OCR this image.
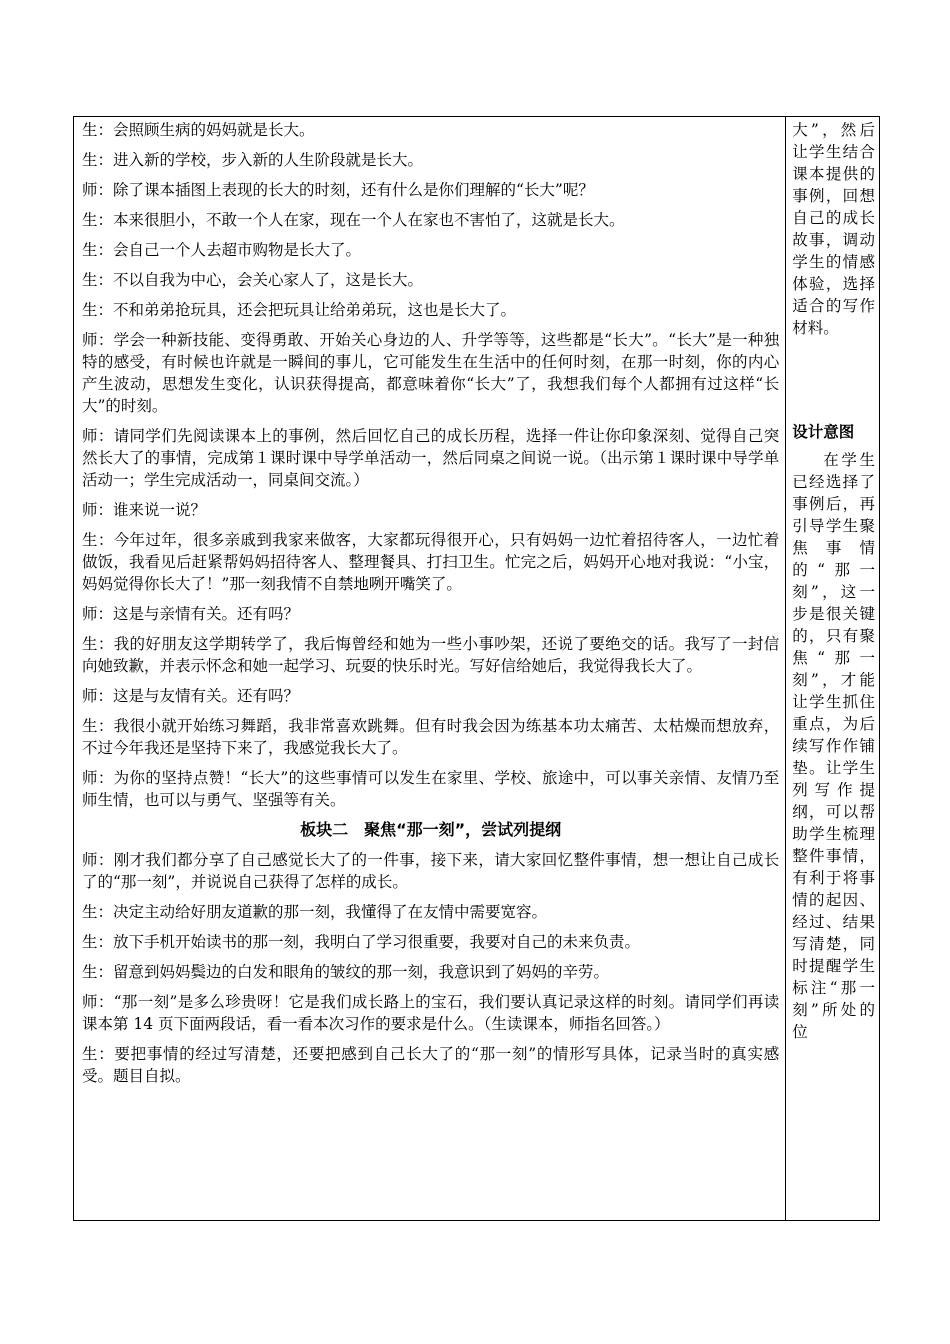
生：会照顾生病的妈妈就是长大。

生：进入新的学校，步入新的人生阶段就是长大。

师：除了课本插图上表现的长大的时刻，还有什么是你们理解的“长大”呢？

生：本来很胆小，不敢一个人在家，现在一个人在家也不害怕了，这就是长大。

生：会自己一个人去超市购物是长大了。

生：不以自我为中心，会关心家人了，这是长大。

生：不和弟弟抢玩具，还会把玩具让给弟弟玩，这也是长大了。

师：学会一种新技能、变得勇敢、开始关心身边的人、升学等等，这些都是“长大”。“长大”是一种独特的感受，有时候也许就是一瞬间的事儿，它可能发生在生活中的任何时刻，在那一时刻，你的内心产生波动，思想发生变化，认识获得提高，都意味着你“长大”了，我想我们每个人都拥有过这样“长大”的时刻。

师：请同学们先阅读课本上的事例，然后回忆自己的成长历程，选择一件让你印象深刻、觉得自己突然长大了的事情，完成第１课时课中导学单活动一，然后同桌之间说一说。（出示第１课时课中导学单活动一；学生完成活动一，同桌间交流。）

师：谁来说一说？

生：今年过年，很多亲戚到我家来做客，大家都玩得很开心，只有妈妈一边忙着招待客人，一边忙着做饭，我看见后赶紧帮妈妈招待客人、整理餐具、打扫卫生。忙完之后，妈妈开心地对我说：“小宝，妈妈觉得你长大了！”那一刻我情不自禁地咧开嘴笑了。

师：这是与亲情有关。还有吗？

生：我的好朋友这学期转学了，我后悔曾经和她为一些小事吵架，还说了要绝交的话。我写了一封信向她致歉，并表示怀念和她一起学习、玩耍的快乐时光。写好信给她后，我觉得我长大了。

师：这是与友情有关。还有吗？

生：我很小就开始练习舞蹈，我非常喜欢跳舞。但有时我会因为练基本功太痛苦、太枯燥而想放弃，不过今年我还是坚持下来了，我感觉我长大了。

师：为你的坚持点赞！“长大”的这些事情可以发生在家里、学校、旅途中，可以事关亲情、友情乃至师生情，也可以与勇气、坚强等有关。

板块二　聚焦“那一刻”，尝试列提纲

师：刚才我们都分享了自己感觉长大了的一件事，接下来，请大家回忆整件事情，想一想让自己成长了的“那一刻”，并说说自己获得了怎样的成长。

生：决定主动给好朋友道歉的那一刻，我懂得了在友情中需要宽容。

生：放下手机开始读书的那一刻，我明白了学习很重要，我要对自己的未来负责。

生：留意到妈妈鬓边的白发和眼角的皱纹的那一刻，我意识到了妈妈的辛劳。

师：“那一刻”是多么珍贵呀！它是我们成长路上的宝石，我们要认真记录这样的时刻。请同学们再读课本第 14 页下面两段话，看一看本次习作的要求是什么。（生读课本，师指名回答。）

生：要把事情的经过写清楚，还要把感到自己长大了的“那一刻”的情形写具体，记录当时的真实感受。题目自拟。

大”，然后让学生结合课本提供的事例，回想自己的成长故事，调动学生的情感体验，选择适合的写作材料。

设计意图

在学生已经选择了事例后，再引导学生聚焦事情的“那一刻”，这一步是很关键的，只有聚焦“那一刻”，才能让学生抓住重点，为后续写作作铺垫。让学生列写作提纲，可以帮助学生梳理整件事情，有利于将事情的起因、经过、结果写清楚，同时提醒学生标注“那一刻”所处的位
